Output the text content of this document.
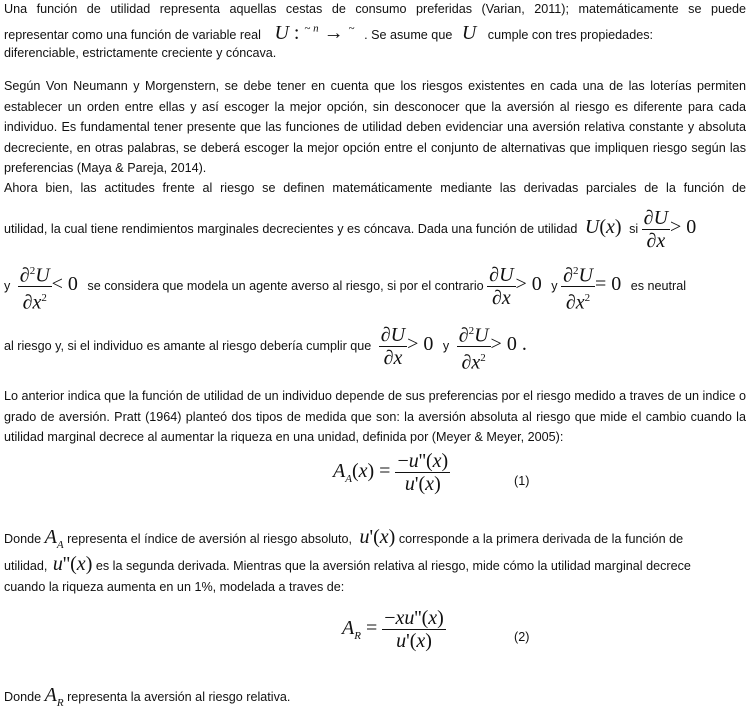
Una función de utilidad representa aquellas cestas de consumo preferidas (Varian, 2011); matemáticamente se puede
representar como una función de variable real U : $^{\sim n}$ → ~ . Se asume que U cumple con tres propiedades:
diferenciable, estrictamente creciente y cóncava.
Según Von Neumann y Morgenstern, se debe tener en cuenta que los riesgos existentes en cada una de las loterías permiten establecer un orden entre ellas y así escoger la mejor opción, sin desconocer que la aversión al riesgo es diferente para cada individuo. Es fundamental tener presente que las funciones de utilidad deben evidenciar una aversión relativa constante y absoluta decreciente, en otras palabras, se deberá escoger la mejor opción entre el conjunto de alternativas que impliquen riesgo según las preferencias (Maya & Pareja, 2014).
Ahora bien, las actitudes frente al riesgo se definen matemáticamente mediante las derivadas parciales de la función de
utilidad, la cual tiene rendimientos marginales decrecientes y es cóncava. Dada una función de utilidad U(x) si $\frac{\partial U}{\partial x} > 0$
y $\frac{\partial^2U}{\partial x^2} < 0$ se considera que modela un agente averso al riesgo, si por el contrario $\frac{\partial U}{\partial x} > 0$ y $\frac{\partial^2U}{\partial x^2} = 0$ es neutral
al riesgo y, si el individuo es amante al riesgo debería cumplir que $\frac{\partial U}{\partial x} > 0$ y $\frac{\partial^2U}{\partial x^2} > 0$ .
Lo anterior indica que la función de utilidad de un individuo depende de sus preferencias por el riesgo medido a traves de un indice o grado de aversión. Pratt (1964) planteó dos tipos de medida que son: la aversión absoluta al riesgo que mide el cambio cuando la utilidad marginal decrece al aumentar la riqueza en una unidad, definida por (Meyer & Meyer, 2005):
$A_A(x) = \frac{-u''(x)}{u'(x)}$	(1)
Donde $A_A$ representa el índice de aversión al riesgo absoluto, u'(x) corresponde a la primera derivada de la función de
utilidad, u''(x) es la segunda derivada. Mientras que la aversión relativa al riesgo, mide cómo la utilidad marginal decrece
cuando la riqueza aumenta en un 1%, modelada a traves de:
$A_R = \frac{-xu''(x)}{u'(x)}$	(2)
Donde $A_R$ representa la aversión al riesgo relativa.
